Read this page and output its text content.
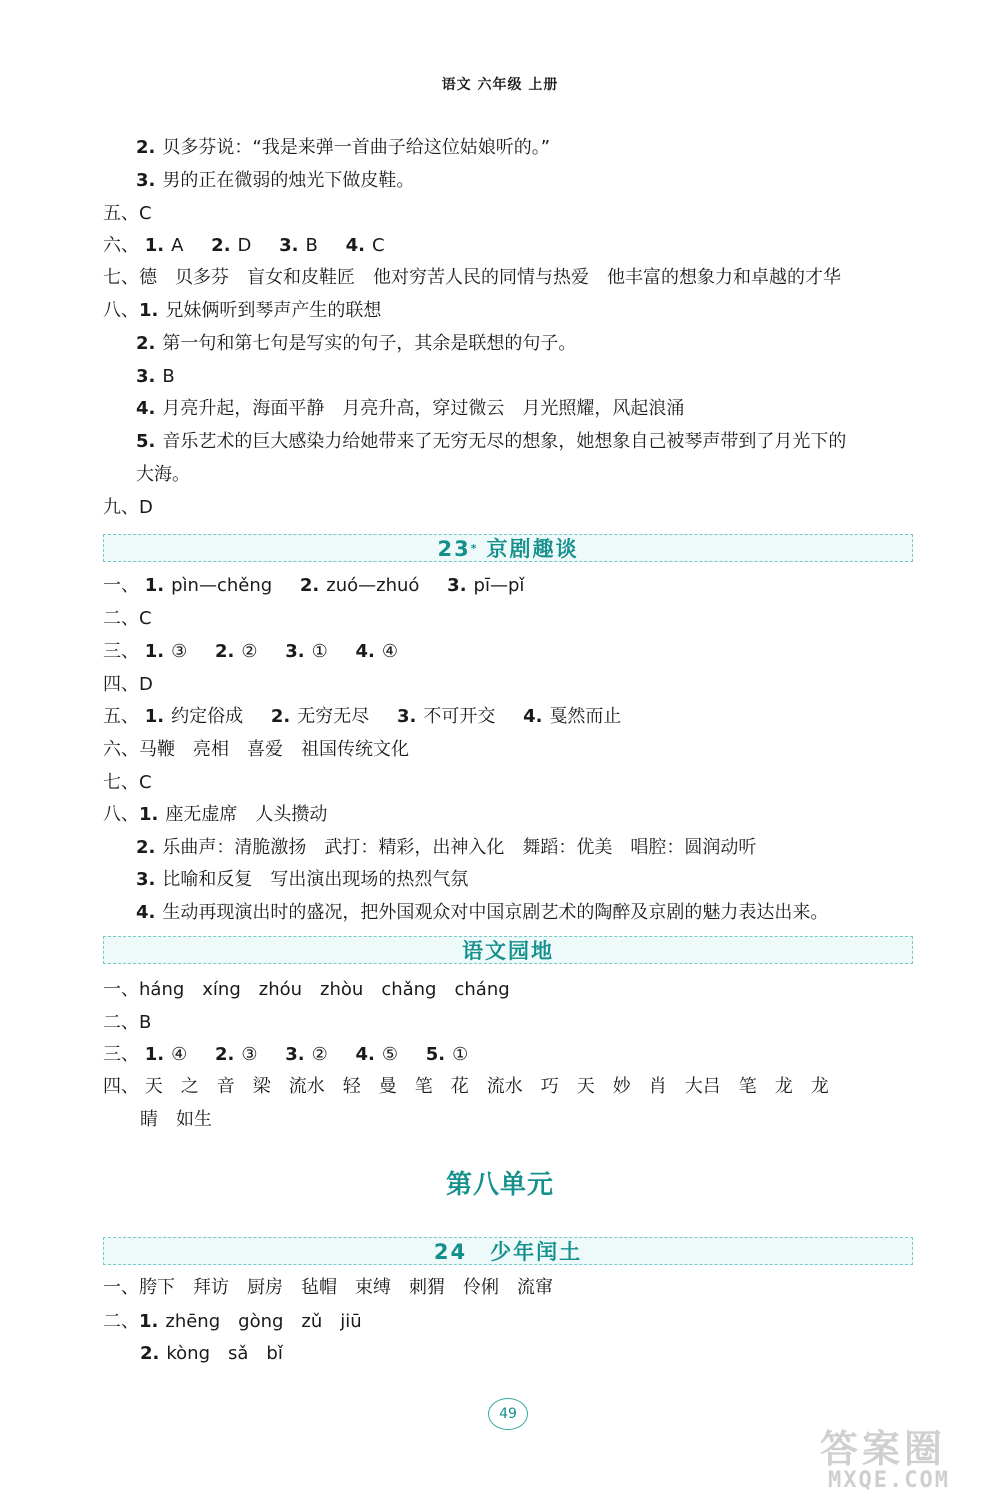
语文 六年级 上册
2. 贝多芬说：“我是来弹一首曲子给这位姑娘听的。”
3. 男的正在微弱的烛光下做皮鞋。
五、C
六、 1. A 2. D 3. B 4. C
七、德　贝多芬　盲女和皮鞋匠　他对穷苦人民的同情与热爱　他丰富的想象力和卓越的才华
八、1. 兄妹俩听到琴声产生的联想
2. 第一句和第七句是写实的句子，其余是联想的句子。
3. B
4. 月亮升起，海面平静　月亮升高，穿过微云　月光照耀，风起浪涌
5. 音乐艺术的巨大感染力给她带来了无穷无尽的想象，她想象自己被琴声带到了月光下的
大海。
九、D
23* 京剧趣谈
一、 1. pìn—chěng 2. zuó—zhuó 3. pī—pǐ
二、C
三、 1. ③ 2. ② 3. ① 4. ④
四、D
五、 1. 约定俗成 2. 无穷无尽 3. 不可开交 4. 戛然而止
六、马鞭　亮相　喜爱　祖国传统文化
七、C
八、1. 座无虚席　人头攒动
2. 乐曲声：清脆激扬　武打：精彩，出神入化　舞蹈：优美　唱腔：圆润动听
3. 比喻和反复　写出演出现场的热烈气氛
4. 生动再现演出时的盛况，把外国观众对中国京剧艺术的陶醉及京剧的魅力表达出来。
语文园地
一、háng　xíng　zhóu　zhòu　chǎng　cháng
二、B
三、 1. ④ 2. ③ 3. ② 4. ⑤ 5. ①
四、 天 之 音 梁 流水 轻 曼 笔 花 流水 巧 天 妙 肖 大吕 笔 龙 龙
睛　如生
第八单元
24　 少年闰土
一、胯下　拜访　厨房　毡帽　束缚　刺猬　伶俐　流窜
二、1. zhēng　gòng　zǔ　jiū
2. kòng　sǎ　bǐ
49
答案圈
MXQE.COM
